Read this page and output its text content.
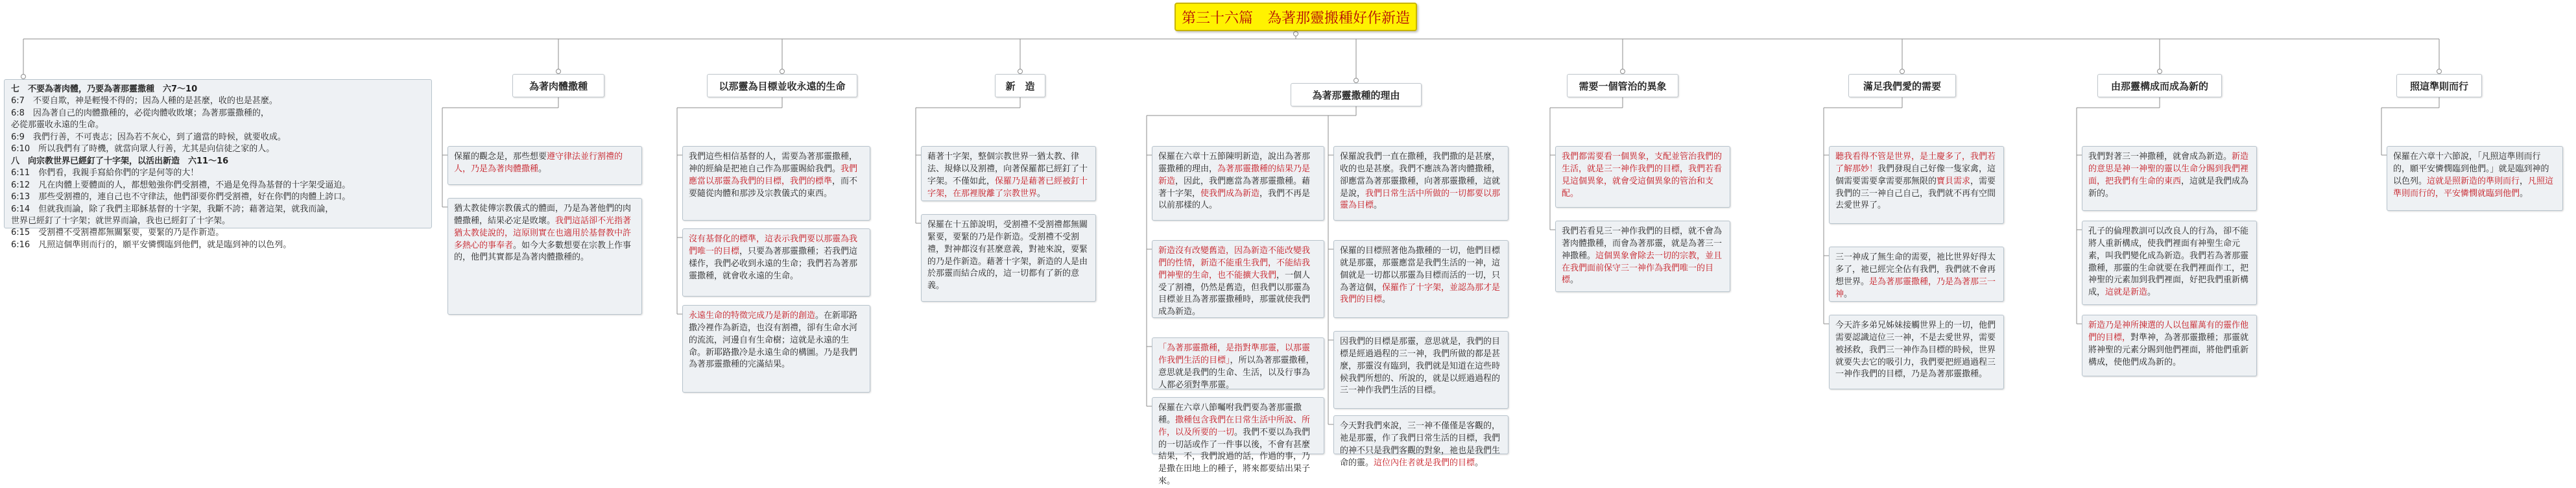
第三十六篇　為著那靈搬種好作新造
七　不要為著肉體，乃要為著那靈撒種　六7～10
6:7　不要自欺，神是輕慢不得的；因為人種的是甚麼，收的也是甚麼。
6:8　因為著自己的肉體撒種的，必從肉體收敗壞；為著那靈撒種的，
必從那靈收永遠的生命。
6:9　我們行善，不可喪志；因為若不灰心，到了適當的時候，就要收成。
6:10　所以我們有了時機，就當向眾人行善，尤其是向信徒之家的人。
八　向宗教世界已經釘了十字架，以活出新造　六11～16
6:11　你們看，我親手寫給你們的字是何等的大！
6:12　凡在肉體上要體面的人，都想勉強你們受割禮，不過是免得為基督的十字架受逼迫。
6:13　那些受割禮的，連自己也不守律法，他們卻要你們受割禮，好在你們的肉體上誇口。
6:14　但就我而論，除了我們主耶穌基督的十字架，我斷不誇；藉著這架，就我而論，
世界已經釘了十字架；就世界而論，我也已經釘了十字架。
6:15　受割禮不受割禮都無關緊要，要緊的乃是作新造。
6:16　凡照這個準則而行的，願平安憐憫臨到他們，就是臨到神的以色列。
為著肉體撒種	以那靈為目標並收永遠的生命	新　造
為著那靈撒種的理由
需要一個管治的異象	滿足我們愛的需要	由那靈構成而成為新的	照這準則而行

保羅的觀念是，那些想要遵守律法並行割禮的人，乃是為著肉體撒種。

猶太教徒傳宗教儀式的體面，乃是為著他們的肉體撒種，結果必定是敗壞。我們這話卻不光指著猶太教徒說的，這原則實在也適用於基督教中許多熱心的事奉者。如今大多數想要在宗教上作事的，他們其實都是為著肉體撒種的。

我們這些相信基督的人，需要為著那靈撒種，神的經綸是把祂自己作為那靈賜給我們。我們應當以那靈為我們的目標，我們的標準，而不要隨從肉體和那涉及宗教儀式的東西。

沒有基督化的標準，這表示我們要以那靈為我們唯一的目標，只要為著那靈撒種；若我們這樣作，我們必收到永遠的生命；我們若為著那靈撒種，就會收永遠的生命。

永遠生命的特徵完成乃是新的創造。在新耶路撒冷裡作為新造，也沒有割禮，卻有生命水河的流流，河邊自有生命樹；這就是永遠的生命。新耶路撒冷是永遠生命的構圖。乃是我們為著那靈撒種的完滿結果。

藉著十字架，整個宗教世界一猶太教、律法、規條以及割禮，向著保羅都已經釘了十字架。不僅如此，保羅乃是藉著已經被釘十字架，在那裡脫離了宗教世界。

保羅在十五節說明，受割禮不受割禮都無關緊要，要緊的乃是作新造。受割禮不受割禮，對神都沒有甚麼意義，對祂來說，要緊的乃是作新造。藉著十字架，新造的人是由於那靈而結合成的，這一切都有了新的意義。

保羅在六章十五節陳明新造，說出為著那靈撒種的理由，為著那靈撒種的結果乃是新造，因此，我們應當為著那靈撒種。藉著十字架，使我們成為新造，我們不再是以前那樣的人。

新造沒有改變舊造，因為新造不能改變我們的性情，新造不能重生我們，不能結我們神聖的生命，也不能擴大我們，一個人受了割禮，仍然是舊造，但我們以那靈為目標並且為著那靈撒種時，那靈就使我們成為新造。

「為著那靈撒種，是指對準那靈，以那靈作我們生活的目標」，所以為著那靈撒種，意思就是我們的生命、生活，以及行事為人都必須對準那靈。

保羅在六章八節囑咐我們要為著那靈撒種。撒種包含我們在日常生活中所說、所作，以及所要的一切。我們不要以為我們的一切話或作了一件事以後，不會有甚麼結果，不，我們說過的話，作過的事，乃是撒在田地上的種子，將來都要結出果子來。

保羅說我們一直在撒種，我們撒的是甚麼，收的也是甚麼。我們不應該為著肉體撒種，卻應當為著那靈撒種，向著那靈撒種，這就是說，我們日常生活中所做的一切都要以那靈為目標。

保羅的目標照著他為撒種的一切，他們目標就是那靈，那靈應當是我們生活的一神，這個就是一切都以那靈為目標而活的一切，只為著這個，保羅作了十字架，並認為那才是我們的目標。

因我們的目標是那靈，意思就是，我們的目標是經過過程的三一神，我們所做的都是甚麼，那靈沒有臨到，我們就是知道在這些時候我們所想的、所說的，就是以經過過程的三一神作我們生活的目標。

今天對我們來說，三一神不僅僅是客觀的，祂是那靈，作了我們日常生活的目標，我們的神不只是我們客觀的對象，祂也是我們生命的靈。這位內住者就是我們的目標。

我們都需要看一個異象，支配並管治我們的生活，就是三一神作我們的目標，我們若看見這個異象，就會受這個異象的管治和支配。

我們若看見三一神作我們的目標，就不會為著肉體撒種，而會為著那靈，就是為著三一神撒種。這個異象會除去一切的宗教，並且在我們面前保守三一神作為我們唯一的目標。

聽我看得不管是世界，是土慶多了，我們若了解那妙！我們發現自己好像一隻家禽，這個需要需要拿需要那無限的寶貝需求，需要我們的三一神自己自己，我們就不再有空間去愛世界了。

三一神成了無生命的需要，祂比世界好得太多了，祂已經完全佔有我們，我們就不會再想世界。是為著那靈撒種，乃是為著那三一神。

今天許多弟兄姊妹接觸世界上的一切，他們需要認識這位三一神，不是去愛世界，需要被拯救，我們三一神作為目標的時候，世界就要失去它的吸引力，我們要把經過過程三一神作我們的目標，乃是為著那靈撒種。

我們對著三一神撒種，就會成為新造。新造的意思是神一神聖的靈以生命分賜到我們裡面，把我們有生命的東西，這就是我們成為新的。

孔子的倫理教訓可以改良人的行為，卻不能將人重新構成，使我們裡面有神聖生命元素，叫我們變化成為新造。我們若為著那靈撒種，那靈的生命就要在我們裡面作工，把神聖的元素加到我們裡面，好把我們重新構成，這就是新造。

新造乃是神所揀選的人以包羅萬有的靈作他們的目標，對準神，為著那靈撒種；那靈就將神聖的元素分賜到他們裡面，將他們重新構成，使他們成為新的。

保羅在六章十六節說，「凡照這準則而行的，願平安憐憫臨到他們。」就是臨到神的以色列。這就是照新造的準則而行，凡照這準則而行的，平安憐憫就臨到他們。
